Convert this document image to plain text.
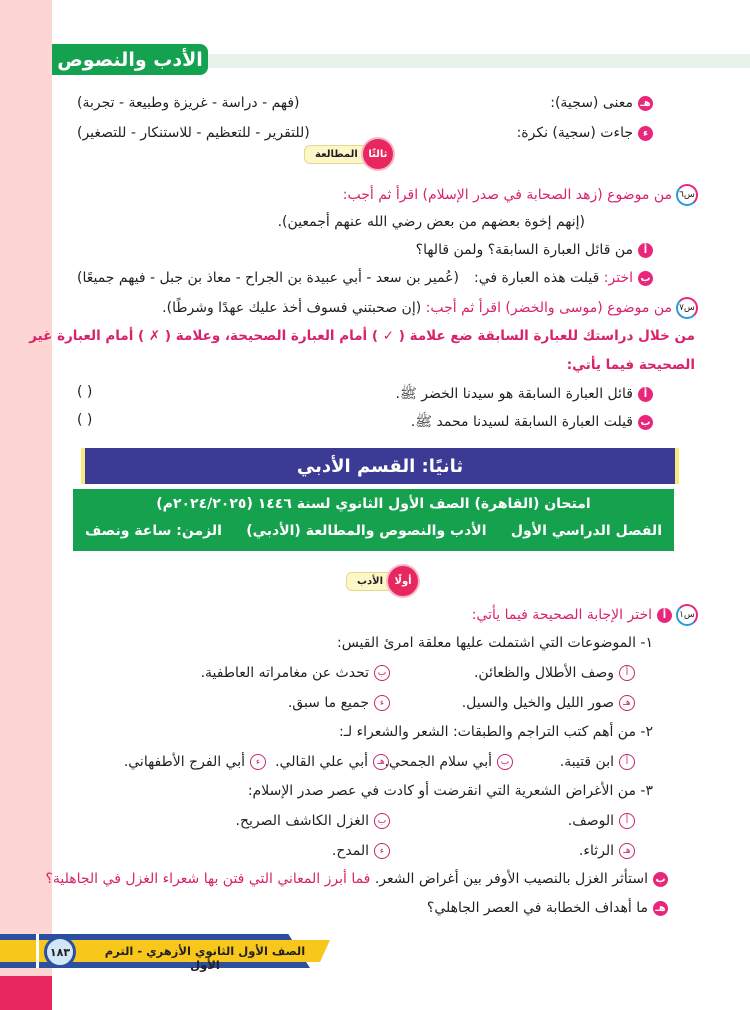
الأدب والنصوص
هـمعنى (سجية):
(فهم - دراسة - غريزة وطبيعة - تجربة)
ءجاءت (سجية) نكرة:
(للتقرير - للتعظيم - للاستنكار - للتصغير)
ثالثًا
المطالعة
س٦من موضوع (زهد الصحابة في صدر الإسلام) اقرأ ثم أجب:
(إنهم إخوة بعضهم من بعض رضي الله عنهم أجمعين).
أمن قائل العبارة السابقة؟ ولمن قالها؟
باختر: قيلت هذه العبارة في:
(عُمير بن سعد - أبي عبيدة بن الجراح - معاذ بن جبل - فيهم جميعًا)
س٧من موضوع (موسى والخضر) اقرأ ثم أجب: (إن صحبتني فسوف أخذ عليك عهدًا وشرطًا).
من خلال دراستك للعبارة السابقة ضع علامة ( ✓ ) أمام العبارة الصحيحة، وعلامة ( ✗ ) أمام العبارة غير
الصحيحة فيما يأتي:
أقائل العبارة السابقة هو سيدنا الخضر ﷺ.
( )
بقيلت العبارة السابقة لسيدنا محمد ﷺ.
( )
ثانيًا: القسم الأدبي
امتحان (القاهرة) الصف الأول الثانوي لسنة ١٤٤٦ (٢٠٢٤/٢٠٢٥م)
الفصل الدراسي الأول
الأدب والنصوص والمطالعة (الأدبي)
الزمن: ساعة ونصف
أولًا
الأدب
س١أاختر الإجابة الصحيحة فيما يأتي:
١- الموضوعات التي اشتملت عليها معلقة امرئ القيس:
أوصف الأطلال والظعائن.
بتحدث عن مغامراته العاطفية.
هـصور الليل والخيل والسيل.
ءجميع ما سبق.
٢- من أهم كتب التراجم والطبقات: الشعر والشعراء لـ:
أابن قتيبة.
بأبي سلام الجمحي.
هـأبي علي القالي.
ءأبي الفرج الأطفهاني.
٣- من الأغراض الشعرية التي انقرضت أو كادت في عصر صدر الإسلام:
أالوصف.
بالغزل الكاشف الصريح.
هـالرثاء.
ءالمدح.
باستأثر الغزل بالنصيب الأوفر بين أغراض الشعر. فما أبرز المعاني التي فتن بها شعراء الغزل في الجاهلية؟
هـما أهداف الخطابة في العصر الجاهلي؟
١٨٣	الصف الأول الثانوي الأزهري - الترم الأول
